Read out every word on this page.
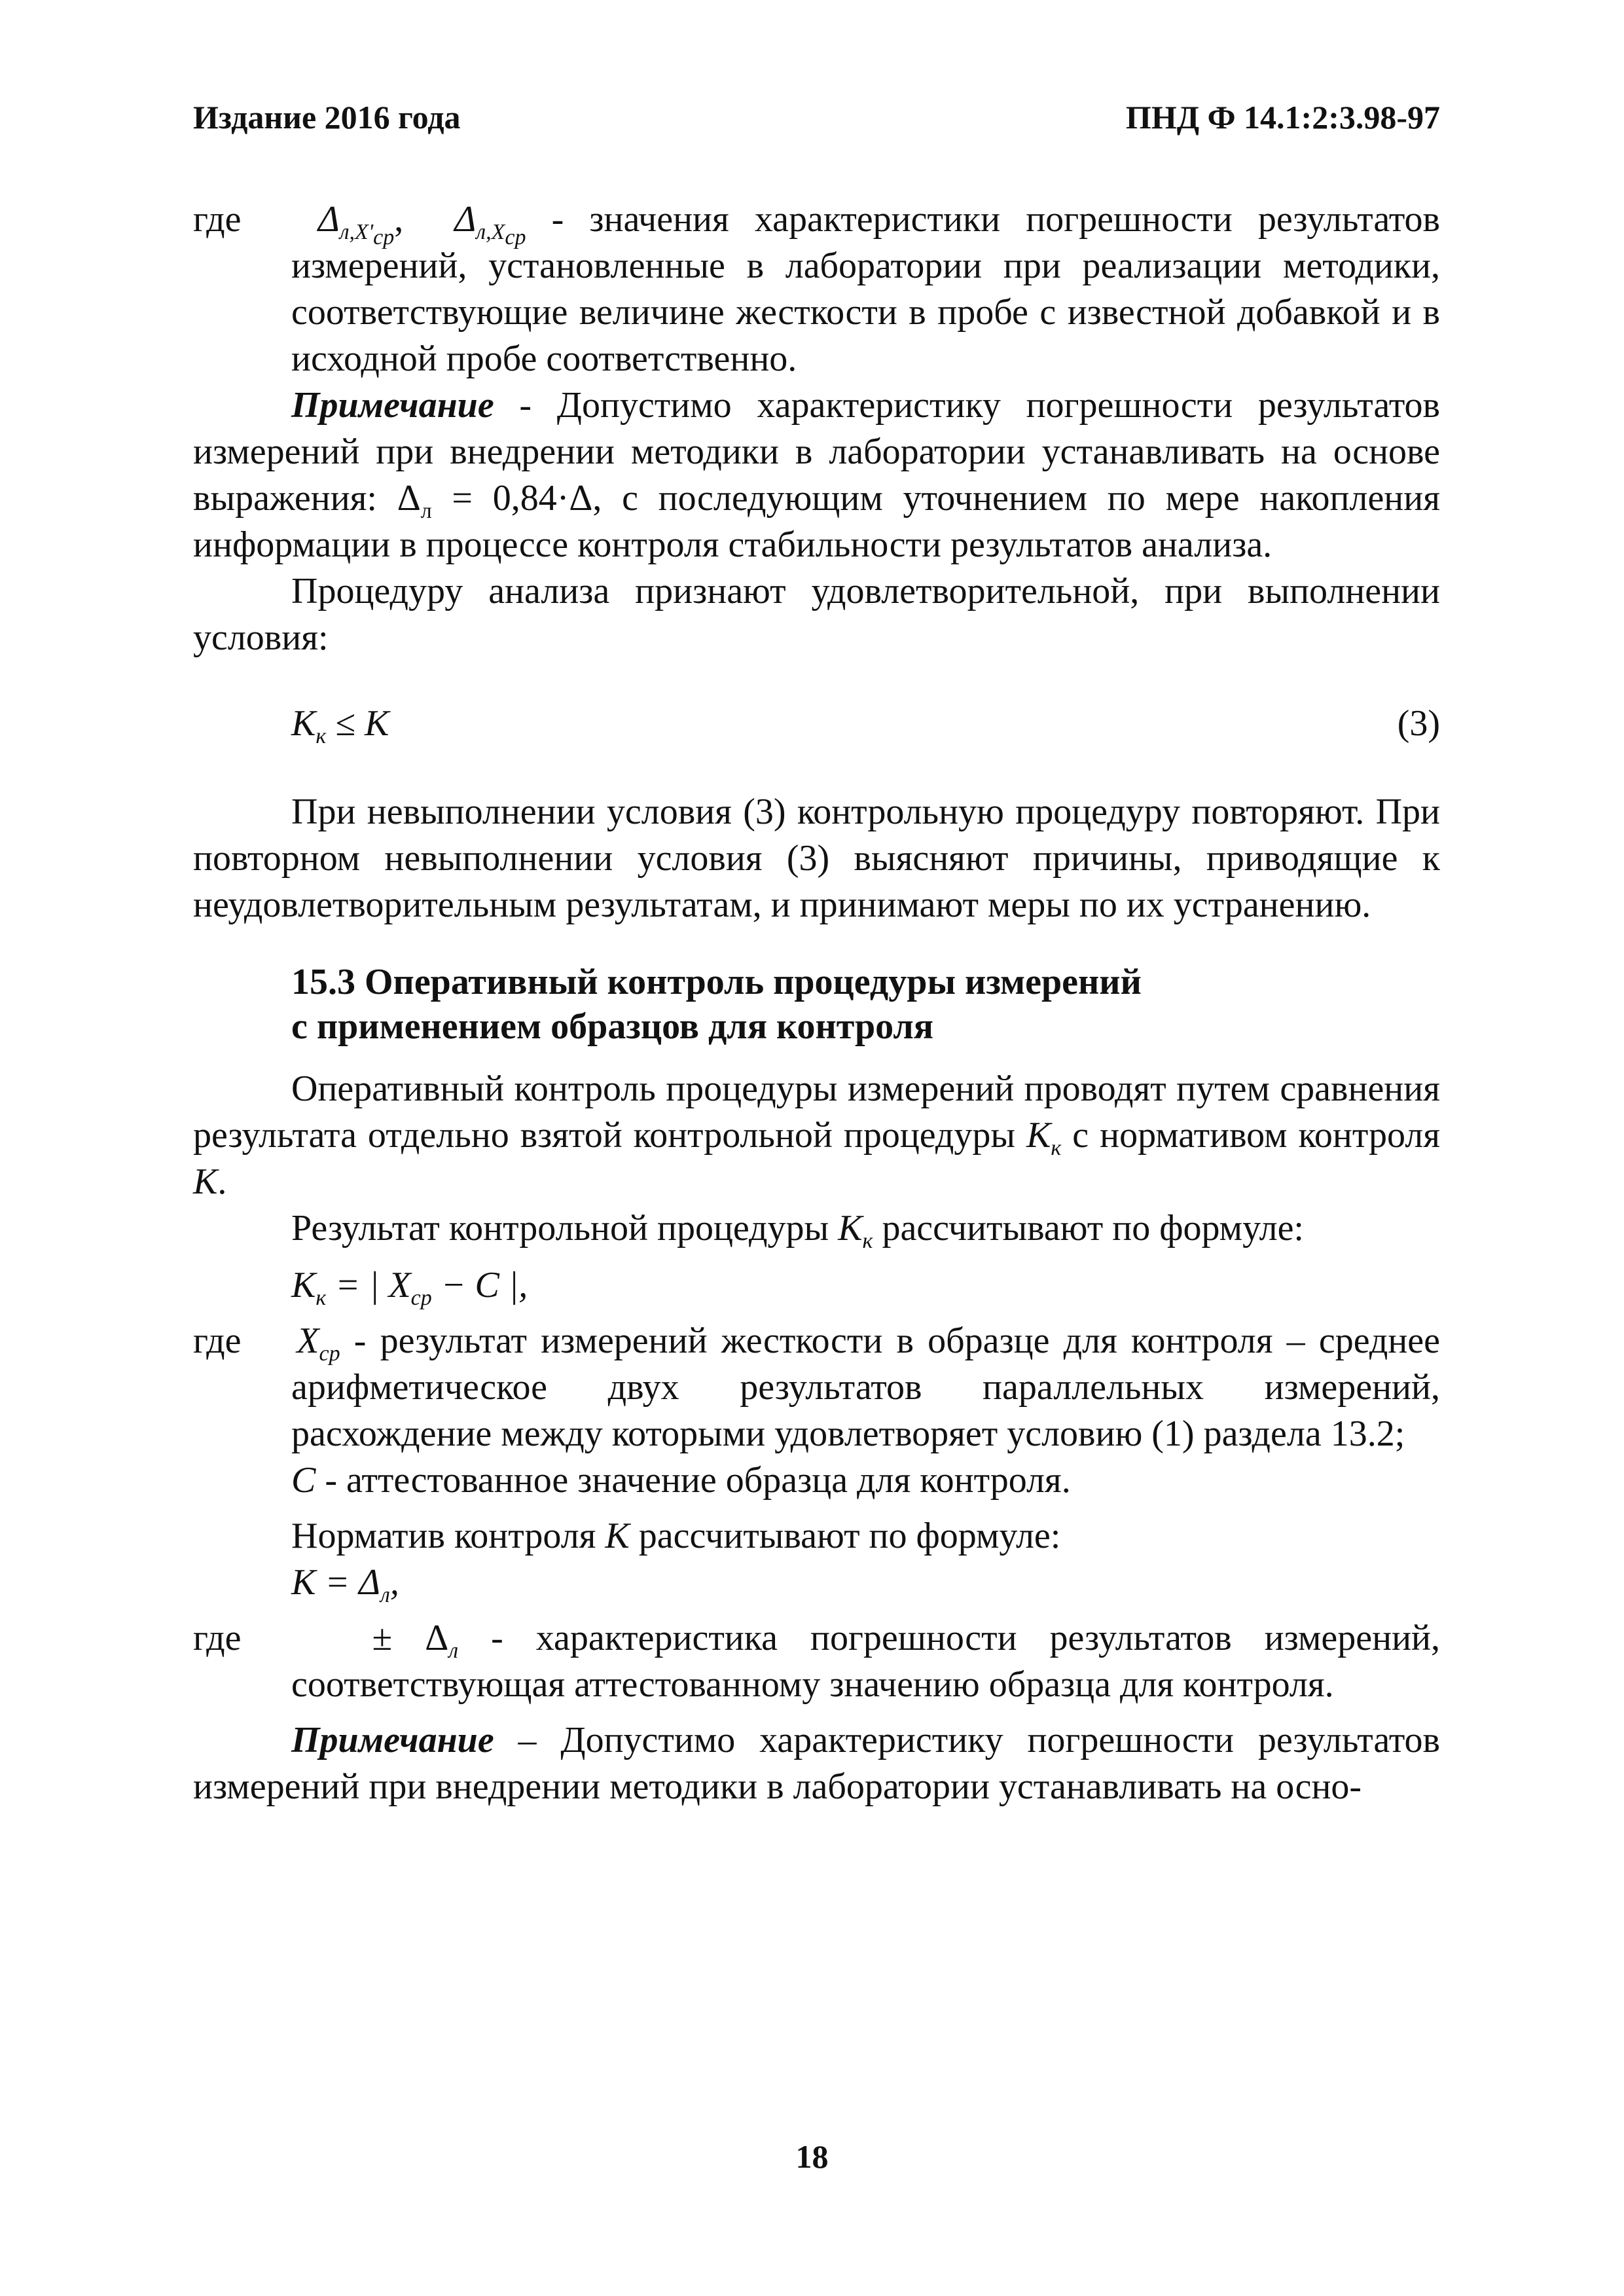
Издание 2016 года	ПНД Ф 14.1:2:3.98-97

где $\Delta_{л,X'_{ср}}$, $\Delta_{л,X_{ср}}$ - значения характеристики погрешности результатов измерений, установленные в лаборатории при реализации методики, соответствующие величине жесткости в пробе с известной добавкой и в исходной пробе соответственно.

Примечание - Допустимо характеристику погрешности результатов измерений при внедрении методики в лаборатории устанавливать на основе выражения: $\Delta_л = 0,84\cdot\Delta$, с последующим уточнением по мере накопления информации в процессе контроля стабильности результатов анализа.

Процедуру анализа признают удовлетворительной, при выполнении условия:

$K_к \le K$	(3)

При невыполнении условия (3) контрольную процедуру повторяют. При повторном невыполнении условия (3) выясняют причины, приводящие к неудовлетворительным результатам, и принимают меры по их устранению.

15.3 Оперативный контроль процедуры измерений
с применением образцов для контроля

Оперативный контроль процедуры измерений проводят путем сравнения результата отдельно взятой контрольной процедуры $K_к$ с нормативом контроля K.

Результат контрольной процедуры $K_к$ рассчитывают по формуле:

$K_к$ = | $X_{ср} - C$ |,

где $X_{ср}$ - результат измерений жесткости в образце для контроля – среднее арифметическое двух результатов параллельных измерений, расхождение между которыми удовлетворяет условию (1) раздела 13.2;

C - аттестованное значение образца для контроля.

Норматив контроля K рассчитывают по формуле:

$K = \Delta_л$,

где	± $\Delta_л$ - характеристика погрешности результатов измерений, соответствующая аттестованному значению образца для контроля.

Примечание – Допустимо характеристику погрешности результатов измерений при внедрении методики в лаборатории устанавливать на осно-

18
